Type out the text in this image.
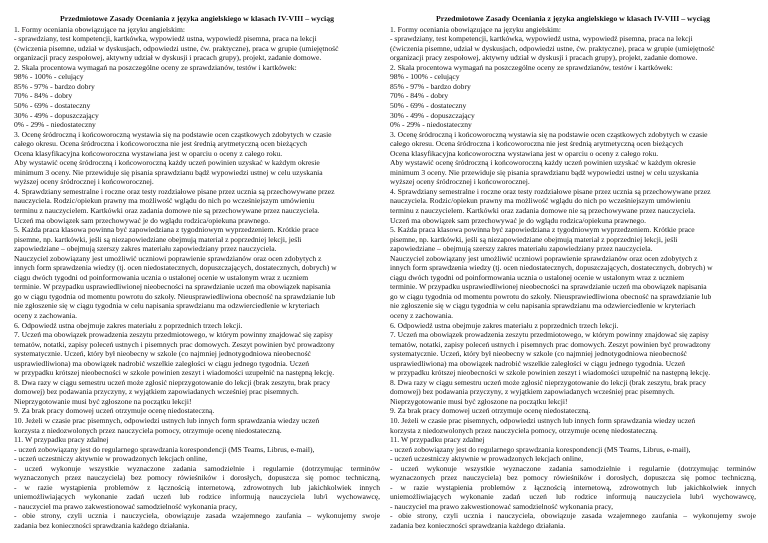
Przedmiotowe Zasady Oceniania z języka angielskiego w klasach IV-VIII – wyciąg
1. Formy oceniania obowiązujące na języku angielskim:
- sprawdziany, test kompetencji, kartkówka, wypowiedź ustna, wypowiedź pisemna, praca na lekcji
(ćwiczenia pisemne, udział w dyskusjach, odpowiedzi ustne, ćw. praktyczne), praca w grupie (umiejętność
organizacji pracy zespołowej, aktywny udział w dyskusji i pracach grupy), projekt, zadanie domowe.
2. Skala procentowa wymagań na poszczególne oceny ze sprawdzianów, testów i kartkówek:
98% - 100% - celujący
85% - 97% - bardzo dobry
70% - 84% - dobry
50% - 69% - dostateczny
30% - 49% - dopuszczający
0% - 29% - niedostateczny
3. Ocenę śródroczną i końcoworoczną wystawia się na podstawie ocen cząstkowych zdobytych w czasie
całego okresu. Ocena śródroczna i końcoworoczna nie jest średnią arytmetyczną ocen bieżących
Ocena klasyfikacyjna końcoworoczna wystawiana jest w oparciu o oceny z całego roku.
Aby wystawić ocenę śródroczną i końcoworoczną każdy uczeń powinien uzyskać w każdym okresie
minimum 3 oceny. Nie przewiduje się pisania sprawdzianu bądź wypowiedzi ustnej w celu uzyskania
wyższej oceny śródrocznej i końcoworocznej.
4. Sprawdziany semestralne i roczne oraz testy rozdziałowe pisane przez ucznia są przechowywane przez
nauczyciela. Rodzic/opiekun prawny ma możliwość wglądu do nich po wcześniejszym umówieniu
terminu z nauczycielem. Kartkówki oraz zadania domowe nie są przechowywane przez nauczyciela.
Uczeń ma obowiązek sam przechowywać je do wglądu rodzica/opiekuna prawnego.
5. Każda praca klasowa powinna być zapowiedziana z tygodniowym wyprzedzeniem. Krótkie prace
pisemne, np. kartkówki, jeśli są niezapowiedziane obejmują materiał z poprzedniej lekcji, jeśli
zapowiedziane – obejmują szerszy zakres materiału zapowiedziany przez nauczyciela.
Nauczyciel zobowiązany jest umożliwić uczniowi poprawienie sprawdzianów oraz ocen zdobytych z
innych form sprawdzenia wiedzy (tj. ocen niedostatecznych, dopuszczających, dostatecznych, dobrych) w
ciągu dwóch tygodni od poinformowania ucznia o ustalonej ocenie w ustalonym wraz z uczniem
terminie. W przypadku usprawiedliwionej nieobecności na sprawdzianie uczeń ma obowiązek napisania
go w ciągu tygodnia od momentu powrotu do szkoły. Nieusprawiedliwiona obecność na sprawdzianie lub
nie zgłoszenie się w ciągu tygodnia w celu napisania sprawdzianu ma odzwierciedlenie w kryteriach
oceny z zachowania.
6. Odpowiedź ustna obejmuje zakres materiału z poprzednich trzech lekcji.
7. Uczeń ma obowiązek prowadzenia zeszytu przedmiotowego, w którym powinny znajdować się zapisy
tematów, notatki, zapisy poleceń ustnych i pisemnych prac domowych. Zeszyt powinien być prowadzony
systematycznie. Uczeń, który był nieobecny w szkole (co najmniej jednotygodniowa nieobecność
usprawiedliwiona) ma obowiązek nadrobić wszelkie zaległości w ciągu jednego tygodnia. Uczeń
w przypadku krótszej nieobecności w szkole powinien zeszyt i wiadomości uzupełnić na następną lekcję.
8. Dwa razy w ciągu semestru uczeń może zgłosić nieprzygotowanie do lekcji (brak zeszytu, brak pracy
domowej) bez podawania przyczyny, z wyjątkiem zapowiadanych wcześniej prac pisemnych.
Nieprzygotowanie musi być zgłoszone na początku lekcji!
9. Za brak pracy domowej uczeń otrzymuje ocenę niedostateczną.
10. Jeżeli w czasie prac pisemnych, odpowiedzi ustnych lub innych form sprawdzania wiedzy uczeń
korzysta z niedozwolonych przez nauczyciela pomocy, otrzymuje ocenę niedostateczną.
11. W przypadku pracy zdalnej
- uczeń zobowiązany jest do regularnego sprawdzania korespondencji (MS Teams, Librus, e-mail),
- uczeń uczestniczy aktywnie w prowadzonych lekcjach online,
- uczeń wykonuje wszystkie wyznaczone zadania samodzielnie i regularnie (dotrzymując terminów
wyznaczonych przez nauczyciela) bez pomocy rówieśników i dorosłych, dopuszcza się pomoc techniczną,
- w razie wystąpienia problemów z łącznością internetową, zdrowotnych lub jakichkolwiek innych
uniemożliwiających wykonanie zadań uczeń lub rodzice informują nauczyciela lub/i wychowawcę,
- nauczyciel ma prawo zakwestionować samodzielność wykonania pracy,
- obie strony, czyli ucznia i nauczyciela, obowiązuje zasada wzajemnego zaufania – wykonujemy swoje
zadania bez konieczności sprawdzania każdego działania.
Przedmiotowe Zasady Oceniania z języka angielskiego w klasach IV-VIII – wyciąg
1. Formy oceniania obowiązujące na języku angielskim:
- sprawdziany, test kompetencji, kartkówka, wypowiedź ustna, wypowiedź pisemna, praca na lekcji
(ćwiczenia pisemne, udział w dyskusjach, odpowiedzi ustne, ćw. praktyczne), praca w grupie (umiejętność
organizacji pracy zespołowej, aktywny udział w dyskusji i pracach grupy), projekt, zadanie domowe.
2. Skala procentowa wymagań na poszczególne oceny ze sprawdzianów, testów i kartkówek:
98% - 100% - celujący
85% - 97% - bardzo dobry
70% - 84% - dobry
50% - 69% - dostateczny
30% - 49% - dopuszczający
0% - 29% - niedostateczny
3. Ocenę śródroczną i końcoworoczną wystawia się na podstawie ocen cząstkowych zdobytych w czasie
całego okresu. Ocena śródroczna i końcoworoczna nie jest średnią arytmetyczną ocen bieżących
Ocena klasyfikacyjna końcoworoczna wystawiana jest w oparciu o oceny z całego roku.
Aby wystawić ocenę śródroczną i końcoworoczną każdy uczeń powinien uzyskać w każdym okresie
minimum 3 oceny. Nie przewiduje się pisania sprawdzianu bądź wypowiedzi ustnej w celu uzyskania
wyższej oceny śródrocznej i końcoworocznej.
4. Sprawdziany semestralne i roczne oraz testy rozdziałowe pisane przez ucznia są przechowywane przez
nauczyciela. Rodzic/opiekun prawny ma możliwość wglądu do nich po wcześniejszym umówieniu
terminu z nauczycielem. Kartkówki oraz zadania domowe nie są przechowywane przez nauczyciela.
Uczeń ma obowiązek sam przechowywać je do wglądu rodzica/opiekuna prawnego.
5. Każda praca klasowa powinna być zapowiedziana z tygodniowym wyprzedzeniem. Krótkie prace
pisemne, np. kartkówki, jeśli są niezapowiedziane obejmują materiał z poprzedniej lekcji, jeśli
zapowiedziane – obejmują szerszy zakres materiału zapowiedziany przez nauczyciela.
Nauczyciel zobowiązany jest umożliwić uczniowi poprawienie sprawdzianów oraz ocen zdobytych z
innych form sprawdzenia wiedzy (tj. ocen niedostatecznych, dopuszczających, dostatecznych, dobrych) w
ciągu dwóch tygodni od poinformowania ucznia o ustalonej ocenie w ustalonym wraz z uczniem
terminie. W przypadku usprawiedliwionej nieobecności na sprawdzianie uczeń ma obowiązek napisania
go w ciągu tygodnia od momentu powrotu do szkoły. Nieusprawiedliwiona obecność na sprawdzianie lub
nie zgłoszenie się w ciągu tygodnia w celu napisania sprawdzianu ma odzwierciedlenie w kryteriach
oceny z zachowania.
6. Odpowiedź ustna obejmuje zakres materiału z poprzednich trzech lekcji.
7. Uczeń ma obowiązek prowadzenia zeszytu przedmiotowego, w którym powinny znajdować się zapisy
tematów, notatki, zapisy poleceń ustnych i pisemnych prac domowych. Zeszyt powinien być prowadzony
systematycznie. Uczeń, który był nieobecny w szkole (co najmniej jednotygodniowa nieobecność
usprawiedliwiona) ma obowiązek nadrobić wszelkie zaległości w ciągu jednego tygodnia. Uczeń
w przypadku krótszej nieobecności w szkole powinien zeszyt i wiadomości uzupełnić na następną lekcję.
8. Dwa razy w ciągu semestru uczeń może zgłosić nieprzygotowanie do lekcji (brak zeszytu, brak pracy
domowej) bez podawania przyczyny, z wyjątkiem zapowiadanych wcześniej prac pisemnych.
Nieprzygotowanie musi być zgłoszone na początku lekcji!
9. Za brak pracy domowej uczeń otrzymuje ocenę niedostateczną.
10. Jeżeli w czasie prac pisemnych, odpowiedzi ustnych lub innych form sprawdzania wiedzy uczeń
korzysta z niedozwolonych przez nauczyciela pomocy, otrzymuje ocenę niedostateczną.
11. W przypadku pracy zdalnej
- uczeń zobowiązany jest do regularnego sprawdzania korespondencji (MS Teams, Librus, e-mail),
- uczeń uczestniczy aktywnie w prowadzonych lekcjach online,
- uczeń wykonuje wszystkie wyznaczone zadania samodzielnie i regularnie (dotrzymując terminów
wyznaczonych przez nauczyciela) bez pomocy rówieśników i dorosłych, dopuszcza się pomoc techniczną,
- w razie wystąpienia problemów z łącznością internetową, zdrowotnych lub jakichkolwiek innych
uniemożliwiających wykonanie zadań uczeń lub rodzice informują nauczyciela lub/i wychowawcę,
- nauczyciel ma prawo zakwestionować samodzielność wykonania pracy,
- obie strony, czyli ucznia i nauczyciela, obowiązuje zasada wzajemnego zaufania – wykonujemy swoje
zadania bez konieczności sprawdzania każdego działania.
